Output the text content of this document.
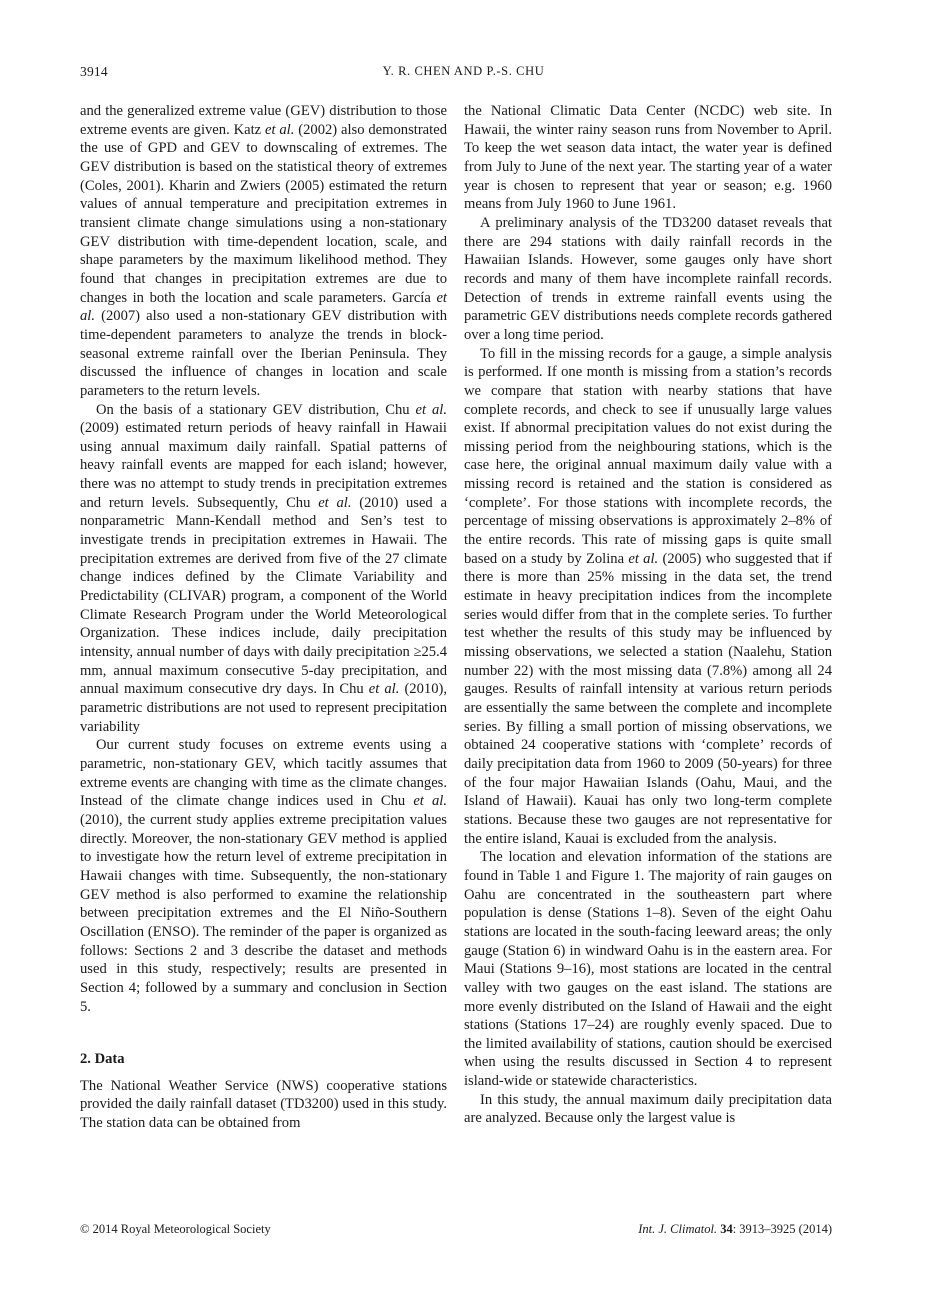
3914	Y. R. CHEN AND P.-S. CHU

and the generalized extreme value (GEV) distribution to those extreme events are given. Katz et al. (2002) also demonstrated the use of GPD and GEV to downscaling of extremes. The GEV distribution is based on the statistical theory of extremes (Coles, 2001). Kharin and Zwiers (2005) estimated the return values of annual temperature and precipitation extremes in transient climate change simulations using a non-stationary GEV distribution with time-dependent location, scale, and shape parameters by the maximum likelihood method. They found that changes in precipitation extremes are due to changes in both the location and scale parameters. García et al. (2007) also used a non-stationary GEV distribution with time-dependent parameters to analyze the trends in block-seasonal extreme rainfall over the Iberian Peninsula. They discussed the influence of changes in location and scale parameters to the return levels.

On the basis of a stationary GEV distribution, Chu et al. (2009) estimated return periods of heavy rainfall in Hawaii using annual maximum daily rainfall. Spatial patterns of heavy rainfall events are mapped for each island; however, there was no attempt to study trends in precipitation extremes and return levels. Subsequently, Chu et al. (2010) used a nonparametric Mann-Kendall method and Sen’s test to investigate trends in precipitation extremes in Hawaii. The precipitation extremes are derived from five of the 27 climate change indices defined by the Climate Variability and Predictability (CLIVAR) program, a component of the World Climate Research Program under the World Meteorological Organization. These indices include, daily precipitation intensity, annual number of days with daily precipitation ≥25.4 mm, annual maximum consecutive 5-day precipitation, and annual maximum consecutive dry days. In Chu et al. (2010), parametric distributions are not used to represent precipitation variability

Our current study focuses on extreme events using a parametric, non-stationary GEV, which tacitly assumes that extreme events are changing with time as the climate changes. Instead of the climate change indices used in Chu et al. (2010), the current study applies extreme precipitation values directly. Moreover, the non-stationary GEV method is applied to investigate how the return level of extreme precipitation in Hawaii changes with time. Subsequently, the non-stationary GEV method is also performed to examine the relationship between precipitation extremes and the El Niño-Southern Oscillation (ENSO). The reminder of the paper is organized as follows: Sections 2 and 3 describe the dataset and methods used in this study, respectively; results are presented in Section 4; followed by a summary and conclusion in Section 5.

2. Data

The National Weather Service (NWS) cooperative stations provided the daily rainfall dataset (TD3200) used in this study. The station data can be obtained from

the National Climatic Data Center (NCDC) web site. In Hawaii, the winter rainy season runs from November to April. To keep the wet season data intact, the water year is defined from July to June of the next year. The starting year of a water year is chosen to represent that year or season; e.g. 1960 means from July 1960 to June 1961.

A preliminary analysis of the TD3200 dataset reveals that there are 294 stations with daily rainfall records in the Hawaiian Islands. However, some gauges only have short records and many of them have incomplete rainfall records. Detection of trends in extreme rainfall events using the parametric GEV distributions needs complete records gathered over a long time period.

To fill in the missing records for a gauge, a simple analysis is performed. If one month is missing from a station’s records we compare that station with nearby stations that have complete records, and check to see if unusually large values exist. If abnormal precipitation values do not exist during the missing period from the neighbouring stations, which is the case here, the original annual maximum daily value with a missing record is retained and the station is considered as ‘complete’. For those stations with incomplete records, the percentage of missing observations is approximately 2–8% of the entire records. This rate of missing gaps is quite small based on a study by Zolina et al. (2005) who suggested that if there is more than 25% missing in the data set, the trend estimate in heavy precipitation indices from the incomplete series would differ from that in the complete series. To further test whether the results of this study may be influenced by missing observations, we selected a station (Naalehu, Station number 22) with the most missing data (7.8%) among all 24 gauges. Results of rainfall intensity at various return periods are essentially the same between the complete and incomplete series. By filling a small portion of missing observations, we obtained 24 cooperative stations with ‘complete’ records of daily precipitation data from 1960 to 2009 (50-years) for three of the four major Hawaiian Islands (Oahu, Maui, and the Island of Hawaii). Kauai has only two long-term complete stations. Because these two gauges are not representative for the entire island, Kauai is excluded from the analysis.

The location and elevation information of the stations are found in Table 1 and Figure 1. The majority of rain gauges on Oahu are concentrated in the southeastern part where population is dense (Stations 1–8). Seven of the eight Oahu stations are located in the south-facing leeward areas; the only gauge (Station 6) in windward Oahu is in the eastern area. For Maui (Stations 9–16), most stations are located in the central valley with two gauges on the east island. The stations are more evenly distributed on the Island of Hawaii and the eight stations (Stations 17–24) are roughly evenly spaced. Due to the limited availability of stations, caution should be exercised when using the results discussed in Section 4 to represent island-wide or statewide characteristics.

In this study, the annual maximum daily precipitation data are analyzed. Because only the largest value is

© 2014 Royal Meteorological Society	Int. J. Climatol. 34: 3913–3925 (2014)
